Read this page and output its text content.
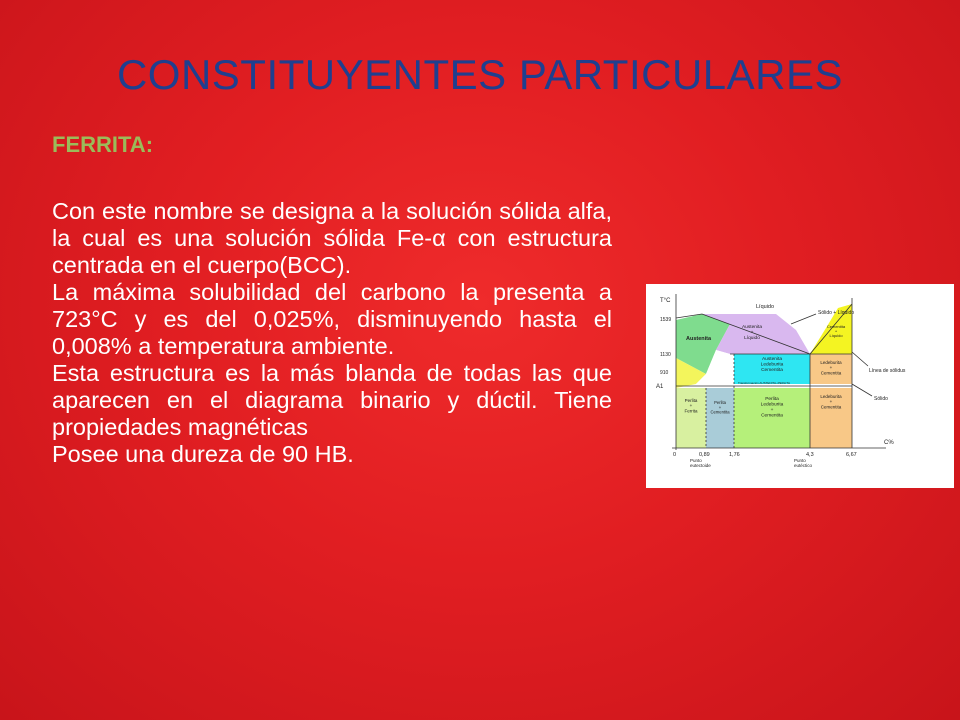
CONSTITUYENTES PARTICULARES
FERRITA:

Con este nombre se designa a la solución sólida alfa, la cual es una solución sólida Fe-α con estructura centrada en el cuerpo(BCC).

La máxima solubilidad del carbono la presenta a 723°C y es del 0,025%, disminuyendo hasta el 0,008% a temperatura ambiente.

Esta estructura es la más blanda de todas las que aparecen en el diagrama binario y dúctil. Tiene propiedades magnéticas

Posee una dureza de 90 HB.

T°C
C%
1539
1130
910
A1
0	0,89	1,76	4,3	6,67
Punto eutectoide
Punto eutéctico
Líquido
Sólido + Líquido
Austenita
Austenita + Líquido
Cementita + Líquido
Austenita Ledeburita Cementita
Ledeburita + Cementita
Transformación AUSTENITA–PERLITA
Perlita + Ferrita
Perlita + Cementita
Perlita Ledeburita + Cementita
Ledeburita + Cementita
Línea de sólidus
Sólido
